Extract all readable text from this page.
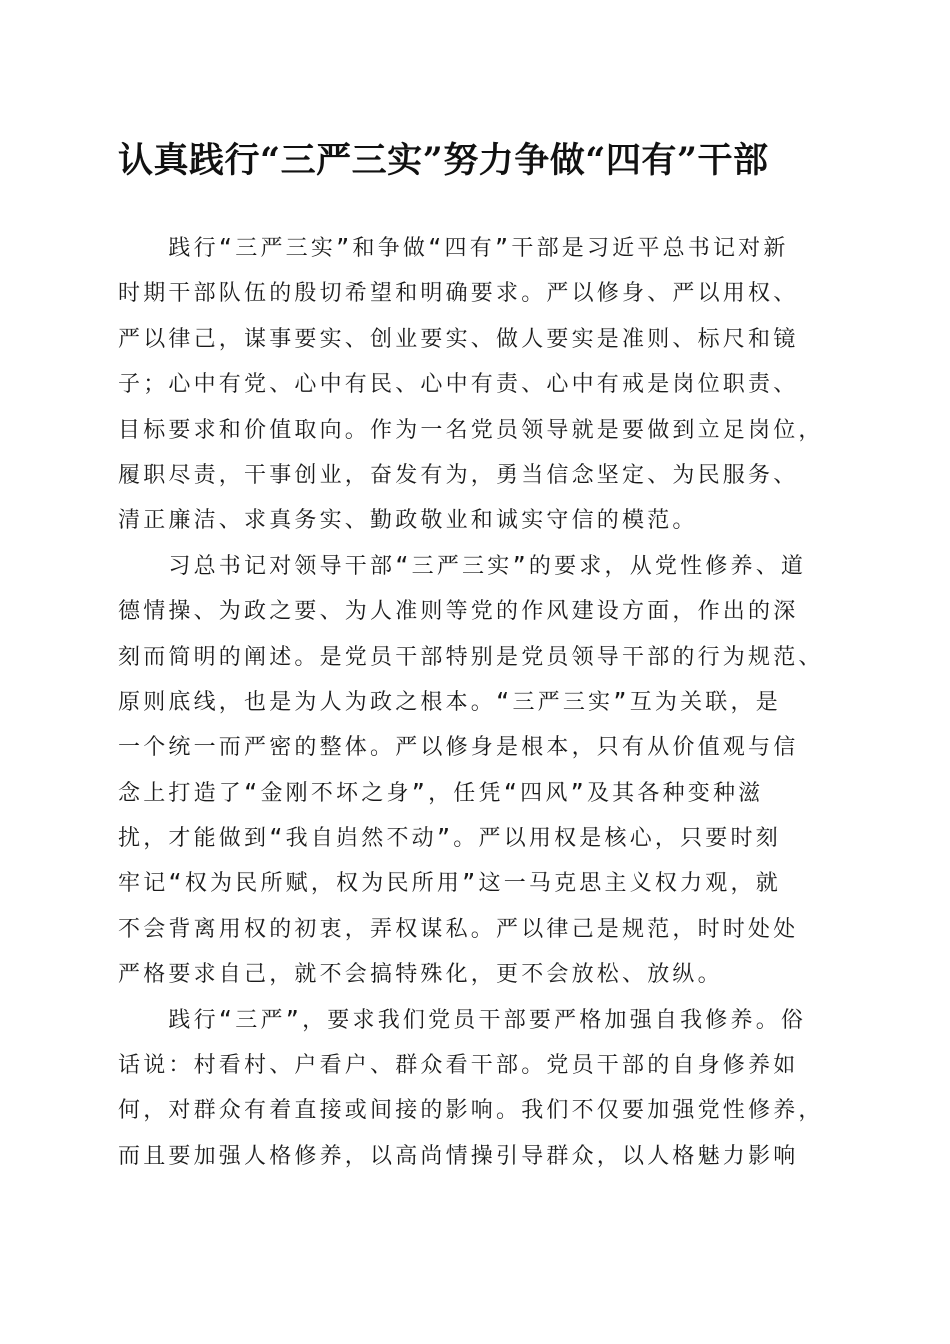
认真践行“三严三实”努力争做“四有”干部
　　践行“三严三实”和争做“四有”干部是习近平总书记对新
时期干部队伍的殷切希望和明确要求。严以修身、严以用权、
严以律己，谋事要实、创业要实、做人要实是准则、标尺和镜
子；心中有党、心中有民、心中有责、心中有戒是岗位职责、
目标要求和价值取向。作为一名党员领导就是要做到立足岗位，
履职尽责，干事创业，奋发有为，勇当信念坚定、为民服务、
清正廉洁、求真务实、勤政敬业和诚实守信的模范。
　　习总书记对领导干部“三严三实”的要求，从党性修养、道
德情操、为政之要、为人准则等党的作风建设方面，作出的深
刻而简明的阐述。是党员干部特别是党员领导干部的行为规范、
原则底线，也是为人为政之根本。“三严三实”互为关联，是
一个统一而严密的整体。严以修身是根本，只有从价值观与信
念上打造了“金刚不坏之身”，任凭“四风”及其各种变种滋
扰，才能做到“我自岿然不动”。严以用权是核心，只要时刻
牢记“权为民所赋，权为民所用”这一马克思主义权力观，就
不会背离用权的初衷，弄权谋私。严以律己是规范，时时处处
严格要求自己，就不会搞特殊化，更不会放松、放纵。
　　践行“三严”，要求我们党员干部要严格加强自我修养。俗
话说：村看村、户看户、群众看干部。党员干部的自身修养如
何，对群众有着直接或间接的影响。我们不仅要加强党性修养，
而且要加强人格修养，以高尚情操引导群众，以人格魅力影响
